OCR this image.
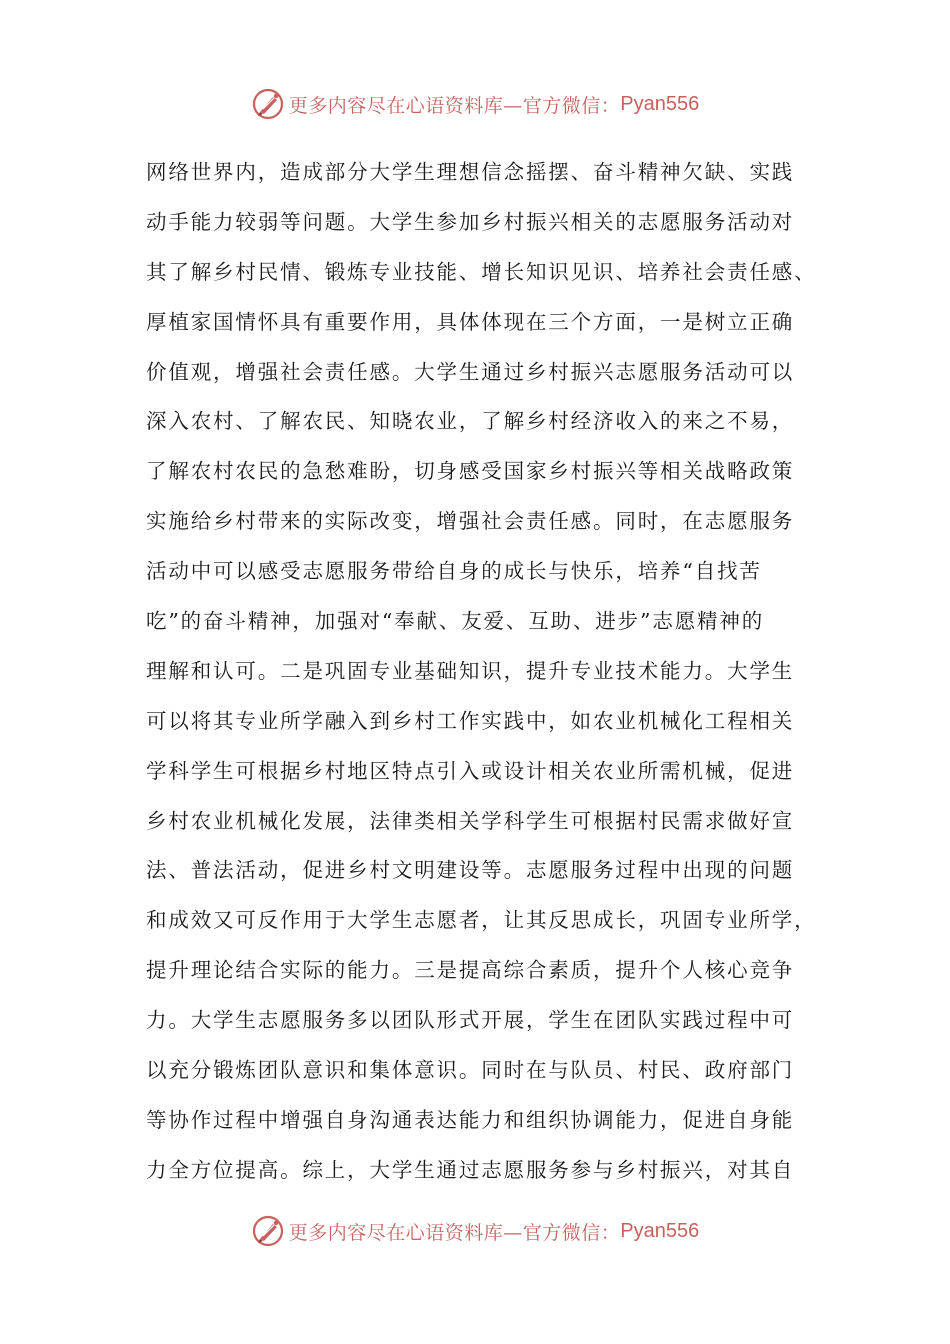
更多内容尽在心语资料库—官方微信： Pyan556
网络世界内，造成部分大学生理想信念摇摆、奋斗精神欠缺、实践
动手能力较弱等问题。大学生参加乡村振兴相关的志愿服务活动对
其了解乡村民情、锻炼专业技能、增长知识见识、培养社会责任感、
厚植家国情怀具有重要作用，具体体现在三个方面，一是树立正确
价值观，增强社会责任感。大学生通过乡村振兴志愿服务活动可以
深入农村、了解农民、知晓农业，了解乡村经济收入的来之不易，
了解农村农民的急愁难盼，切身感受国家乡村振兴等相关战略政策
实施给乡村带来的实际改变，增强社会责任感。同时，在志愿服务
活动中可以感受志愿服务带给自身的成长与快乐，培养“自找苦
吃”的奋斗精神，加强对“奉献、友爱、互助、进步”志愿精神的
理解和认可。二是巩固专业基础知识，提升专业技术能力。大学生
可以将其专业所学融入到乡村工作实践中，如农业机械化工程相关
学科学生可根据乡村地区特点引入或设计相关农业所需机械，促进
乡村农业机械化发展，法律类相关学科学生可根据村民需求做好宣
法、普法活动，促进乡村文明建设等。志愿服务过程中出现的问题
和成效又可反作用于大学生志愿者，让其反思成长，巩固专业所学，
提升理论结合实际的能力。三是提高综合素质，提升个人核心竞争
力。大学生志愿服务多以团队形式开展，学生在团队实践过程中可
以充分锻炼团队意识和集体意识。同时在与队员、村民、政府部门
等协作过程中增强自身沟通表达能力和组织协调能力，促进自身能
力全方位提高。综上，大学生通过志愿服务参与乡村振兴，对其自
更多内容尽在心语资料库—官方微信： Pyan556
